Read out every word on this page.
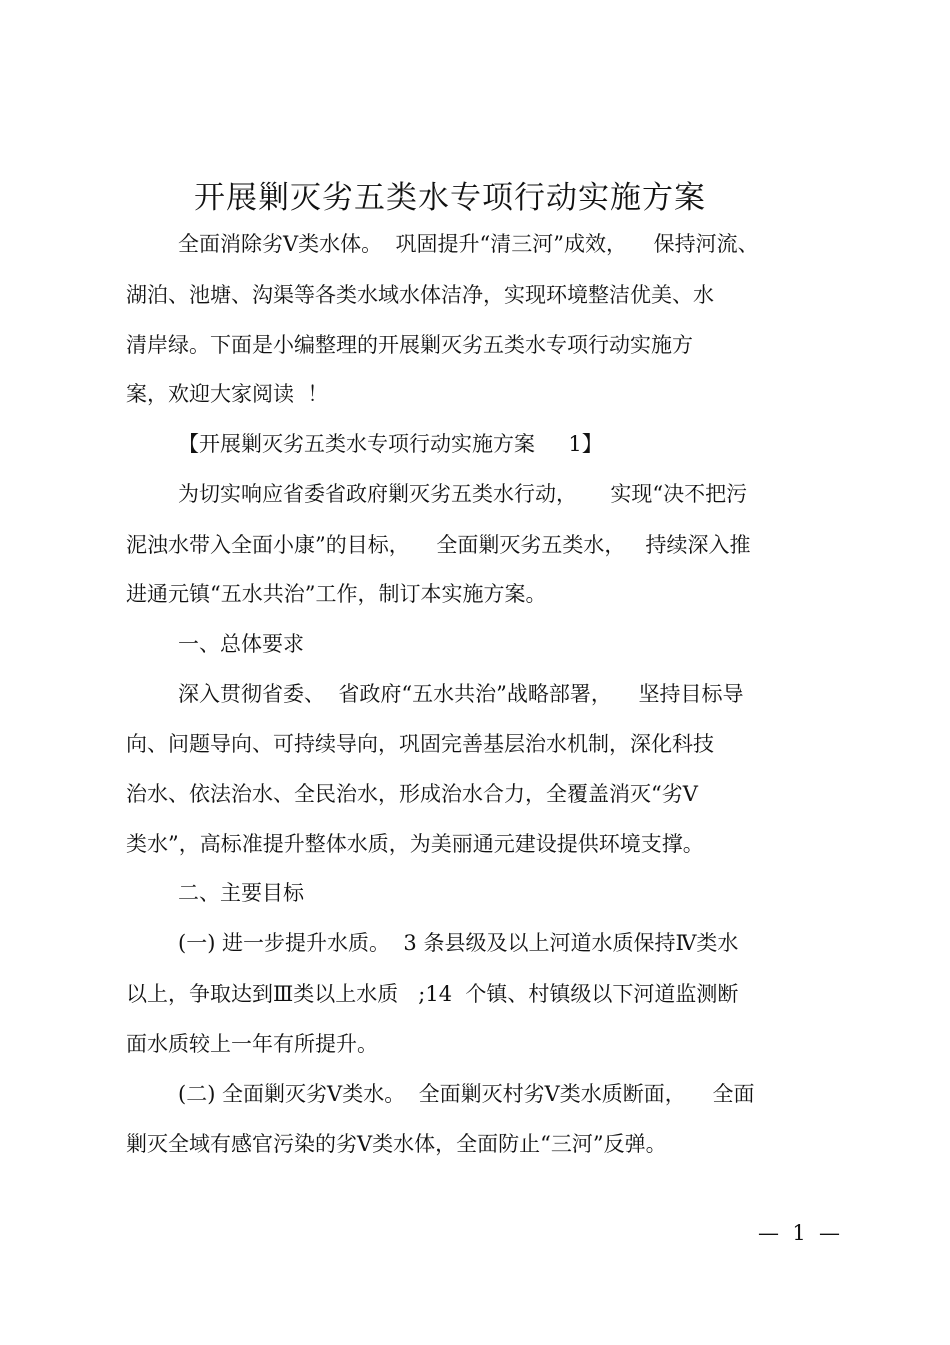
开展剿灭劣五类水专项行动实施方案
全面消除劣Ⅴ类水体。  巩固提升“清三河”成效，    保持河流、
湖泊、池塘、沟渠等各类水域水体洁净，实现环境整洁优美、水
清岸绿。下面是小编整理的开展剿灭劣五类水专项行动实施方
案，欢迎大家阅读  ！
【开展剿灭劣五类水专项行动实施方案     1】
为切实响应省委省政府剿灭劣五类水行动，     实现“决不把污
泥浊水带入全面小康”的目标，    全面剿灭劣五类水，   持续深入推
进通元镇“五水共治”工作，制订本实施方案。
一、总体要求
深入贯彻省委、  省政府“五水共治”战略部署，    坚持目标导
向、问题导向、可持续导向，巩固完善基层治水机制，深化科技
治水、依法治水、全民治水，形成治水合力，全覆盖消灭“劣Ⅴ
类水”，高标准提升整体水质，为美丽通元建设提供环境支撑。
二、主要目标
(一) 进一步提升水质。  3 条县级及以上河道水质保持Ⅳ类水
以上，争取达到Ⅲ类以上水质   ;14  个镇、村镇级以下河道监测断
面水质较上一年有所提升。
(二) 全面剿灭劣Ⅴ类水。  全面剿灭村劣Ⅴ类水质断面，    全面
剿灭全域有感官污染的劣Ⅴ类水体，全面防止“三河”反弹。
—  1  —
